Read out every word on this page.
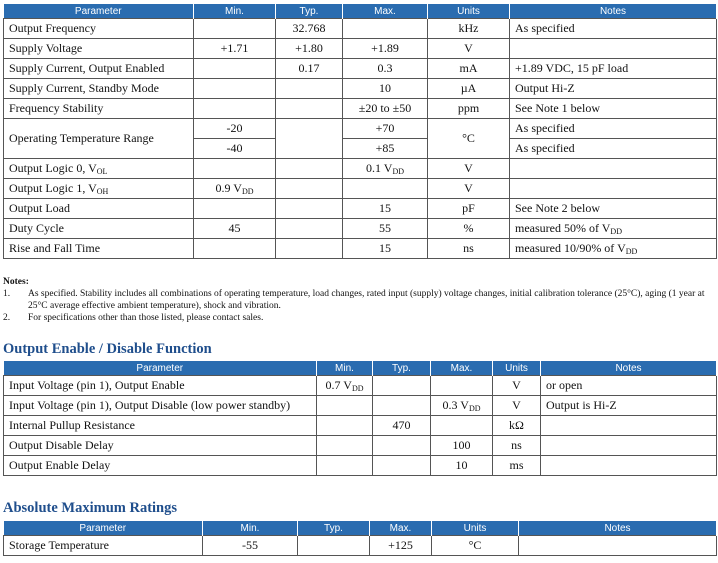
Parameter	Min.	Typ.	Max.	Units	Notes
Output Frequency		32.768		kHz	As specified
Supply Voltage	+1.71	+1.80	+1.89	V	
Supply Current, Output Enabled		0.17	0.3	mA	+1.89 VDC, 15 pF load
Supply Current, Standby Mode			10	µA	Output Hi-Z
Frequency Stability			±20 to ±50	ppm	See Note 1 below
Operating Temperature Range	-20		+70	°C	As specified
	-40		+85		As specified
Output Logic 0, $V_{OL}$			0.1 $V_{DD}$	V	
Output Logic 1, $V_{OH}$	0.9 $V_{DD}$			V	
Output Load			15	pF	See Note 2 below
Duty Cycle	45		55	%	measured 50% of $V_{DD}$
Rise and Fall Time			15	ns	measured 10/90% of $V_{DD}$
Notes:
1.	As specified. Stability includes all combinations of operating temperature, load changes, rated input (supply) voltage changes, initial calibration tolerance (25°C), aging (1 year at 25°C average effective ambient temperature), shock and vibration.
2.	For specifications other than those listed, please contact sales.
Output Enable / Disable Function
Parameter	Min.	Typ.	Max.	Units	Notes
Input Voltage (pin 1), Output Enable	0.7 $V_{DD}$			V	or open
Input Voltage (pin 1), Output Disable (low power standby)			0.3 $V_{DD}$	V	Output is Hi-Z
Internal Pullup Resistance		470		kΩ	
Output Disable Delay			100	ns	
Output Enable Delay			10	ms	
Absolute Maximum Ratings
Parameter	Min.	Typ.	Max.	Units	Notes
Storage Temperature	-55		+125	°C	
